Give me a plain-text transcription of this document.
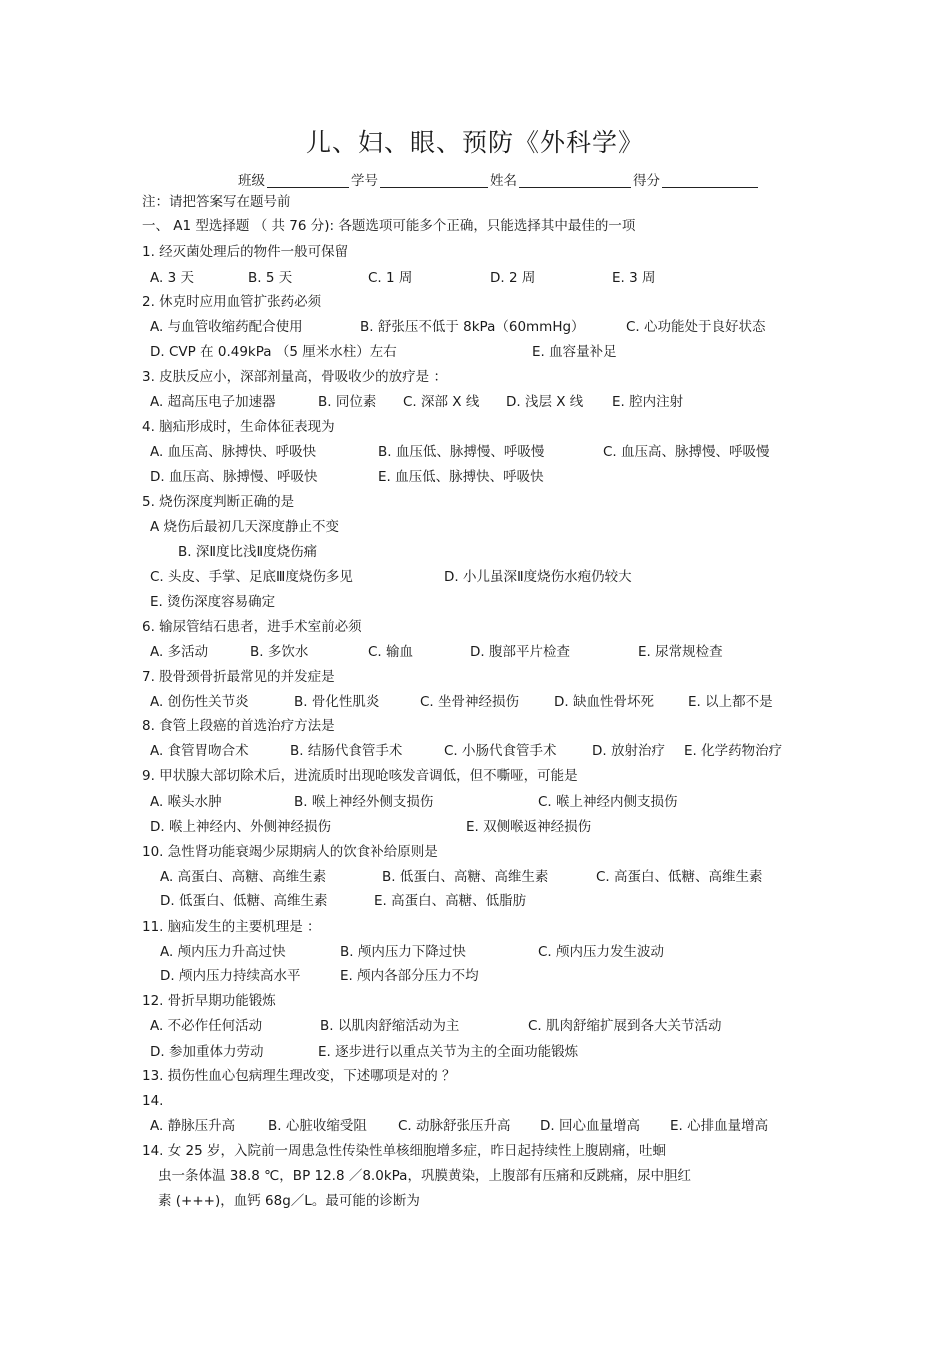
儿、妇、眼、预防《外科学》
班级	学号	姓名	得分
注：请把答案写在题号前
一、 A1 型选择题 （ 共 76 分): 各题选项可能多个正确，只能选择其中最佳的一项
1. 经灭菌处理后的物件一般可保留
A. 3 天	B. 5 天	C. 1 周	D. 2 周	E. 3 周
2. 休克时应用血管扩张药必须
A. 与血管收缩药配合使用	B. 舒张压不低于 8kPa（60mmHg）	C. 心功能处于良好状态
D. CVP 在 0.49kPa （5 厘米水柱）左右	E. 血容量补足
3. 皮肤反应小，深部剂量高，骨吸收少的放疗是 ：
A. 超高压电子加速器	B. 同位素 C. 深部 X 线 D. 浅层 X 线 E. 腔内注射
4. 脑疝形成时，生命体征表现为
A. 血压高、脉搏快、呼吸快	B. 血压低、脉搏慢、呼吸慢	C. 血压高、脉搏慢、呼吸慢
D. 血压高、脉搏慢、呼吸快	E. 血压低、脉搏快、呼吸快
5. 烧伤深度判断正确的是
A 烧伤后最初几天深度静止不变
B. 深Ⅱ度比浅Ⅱ度烧伤痛
C. 头皮、手掌、足底Ⅲ度烧伤多见	D. 小儿虽深Ⅱ度烧伤水疱仍较大
E. 烫伤深度容易确定
6. 输尿管结石患者，进手术室前必须
A. 多活动	B. 多饮水	C. 输血	D. 腹部平片检查	E. 尿常规检查
7. 股骨颈骨折最常见的并发症是
A. 创伤性关节炎	B. 骨化性肌炎	C. 坐骨神经损伤	D. 缺血性骨坏死	E. 以上都不是
8. 食管上段癌的首选治疗方法是
A. 食管胃吻合术	B. 结肠代食管手术	C. 小肠代食管手术	D. 放射治疗 E. 化学药物治疗
9. 甲状腺大部切除术后，进流质时出现呛咳发音调低，但不嘶哑，可能是
A. 喉头水肿	B. 喉上神经外侧支损伤	C. 喉上神经内侧支损伤
D. 喉上神经内、外侧神经损伤	E. 双侧喉返神经损伤
10. 急性肾功能衰竭少尿期病人的饮食补给原则是
A. 高蛋白、高糖、高维生素	B. 低蛋白、高糖、高维生素	C. 高蛋白、低糖、高维生素
D. 低蛋白、低糖、高维生素	E. 高蛋白、高糖、低脂肪
11. 脑疝发生的主要机理是 ：
A. 颅内压力升高过快	B. 颅内压力下降过快	C. 颅内压力发生波动
D. 颅内压力持续高水平	E. 颅内各部分压力不均
12. 骨折早期功能锻炼
A. 不必作任何活动	B. 以肌肉舒缩活动为主	C. 肌肉舒缩扩展到各大关节活动
D. 参加重体力劳动	E. 逐步进行以重点关节为主的全面功能锻炼
13. 损伤性血心包病理生理改变，下述哪项是对的 ？
14.
A. 静脉压升高 B. 心脏收缩受阻 C. 动脉舒张压升高 D. 回心血量增高 E. 心排血量增高
14. 女 25 岁，入院前一周患急性传染性单核细胞增多症，昨日起持续性上腹剧痛，吐蛔
虫一条体温 38.8 ℃，BP 12.8 ／8.0kPa，巩膜黄染，上腹部有压痛和反跳痛，尿中胆红
素 (+++)，血钙 68g／L。最可能的诊断为
